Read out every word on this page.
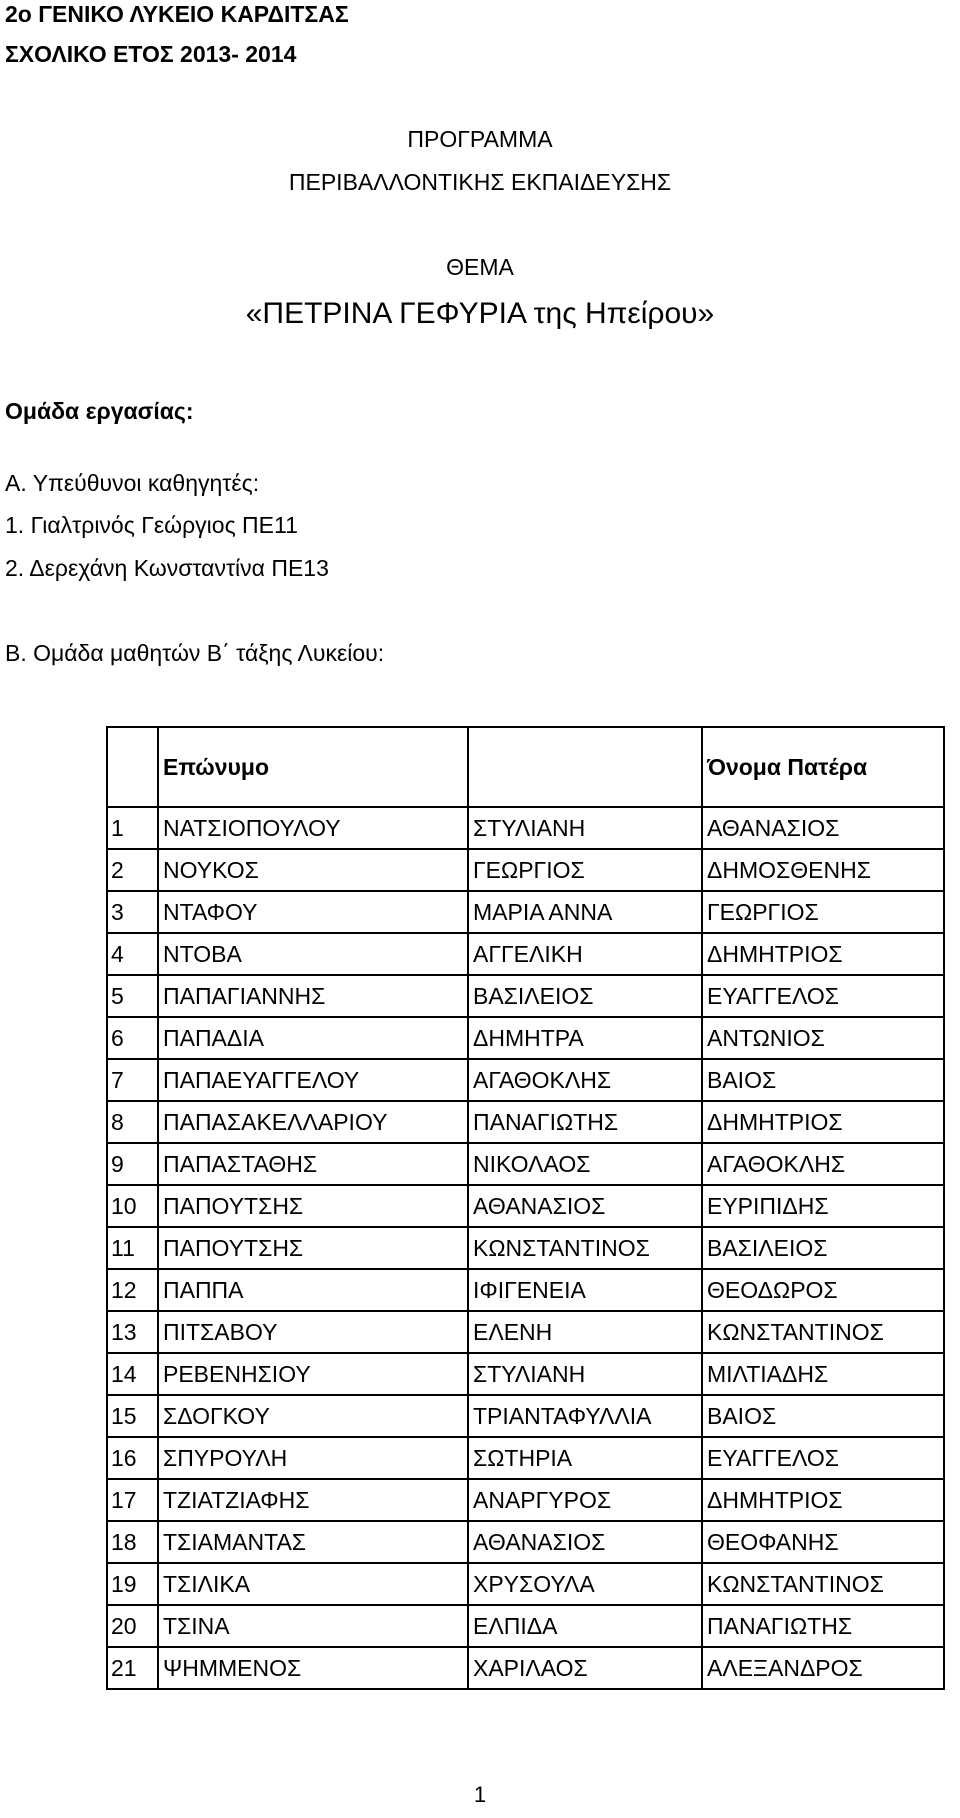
2ο ΓΕΝΙΚΟ ΛΥΚΕΙΟ ΚΑΡΔΙΤΣΑΣ
ΣΧΟΛΙΚΟ ΕΤΟΣ 2013- 2014
ΠΡΟΓΡΑΜΜΑ
ΠΕΡΙΒΑΛΛΟΝΤΙΚΗΣ ΕΚΠΑΙΔΕΥΣΗΣ
ΘΕΜΑ
«ΠΕΤΡΙΝΑ ΓΕΦΥΡΙΑ της Ηπείρου»
Ομάδα εργασίας:
Α. Υπεύθυνοι καθηγητές:
1. Γιαλτρινός Γεώργιος ΠΕ11
2. Δερεχάνη Κωνσταντίνα ΠΕ13
Β. Ομάδα μαθητών Β΄ τάξης Λυκείου:
	Επώνυμο		Όνομα Πατέρα
1	ΝΑΤΣΙΟΠΟΥΛΟΥ	ΣΤΥΛΙΑΝΗ	ΑΘΑΝΑΣΙΟΣ
2	ΝΟΥΚΟΣ	ΓΕΩΡΓΙΟΣ	ΔΗΜΟΣΘΕΝΗΣ
3	ΝΤΑΦΟΥ	ΜΑΡΙΑ ΑΝΝΑ	ΓΕΩΡΓΙΟΣ
4	ΝΤΟΒΑ	ΑΓΓΕΛΙΚΗ	ΔΗΜΗΤΡΙΟΣ
5	ΠΑΠΑΓΙΑΝΝΗΣ	ΒΑΣΙΛΕΙΟΣ	ΕΥΑΓΓΕΛΟΣ
6	ΠΑΠΑΔΙΑ	ΔΗΜΗΤΡΑ	ΑΝΤΩΝΙΟΣ
7	ΠΑΠΑΕΥΑΓΓΕΛΟΥ	ΑΓΑΘΟΚΛΗΣ	ΒΑΙΟΣ
8	ΠΑΠΑΣΑΚΕΛΛΑΡΙΟΥ	ΠΑΝΑΓΙΩΤΗΣ	ΔΗΜΗΤΡΙΟΣ
9	ΠΑΠΑΣΤΑΘΗΣ	ΝΙΚΟΛΑΟΣ	ΑΓΑΘΟΚΛΗΣ
10	ΠΑΠΟΥΤΣΗΣ	ΑΘΑΝΑΣΙΟΣ	ΕΥΡΙΠΙΔΗΣ
11	ΠΑΠΟΥΤΣΗΣ	ΚΩΝΣΤΑΝΤΙΝΟΣ	ΒΑΣΙΛΕΙΟΣ
12	ΠΑΠΠΑ	ΙΦΙΓΕΝΕΙΑ	ΘΕΟΔΩΡΟΣ
13	ΠΙΤΣΑΒΟΥ	ΕΛΕΝΗ	ΚΩΝΣΤΑΝΤΙΝΟΣ
14	ΡΕΒΕΝΗΣΙΟΥ	ΣΤΥΛΙΑΝΗ	ΜΙΛΤΙΑΔΗΣ
15	ΣΔΟΓΚΟΥ	ΤΡΙΑΝΤΑΦΥΛΛΙΑ	ΒΑΙΟΣ
16	ΣΠΥΡΟΥΛΗ	ΣΩΤΗΡΙΑ	ΕΥΑΓΓΕΛΟΣ
17	ΤΖΙΑΤΖΙΑΦΗΣ	ΑΝΑΡΓΥΡΟΣ	ΔΗΜΗΤΡΙΟΣ
18	ΤΣΙΑΜΑΝΤΑΣ	ΑΘΑΝΑΣΙΟΣ	ΘΕΟΦΑΝΗΣ
19	ΤΣΙΛΙΚΑ	ΧΡΥΣΟΥΛΑ	ΚΩΝΣΤΑΝΤΙΝΟΣ
20	ΤΣΙΝΑ	ΕΛΠΙΔΑ	ΠΑΝΑΓΙΩΤΗΣ
21	ΨΗΜΜΕΝΟΣ	ΧΑΡΙΛΑΟΣ	ΑΛΕΞΑΝΔΡΟΣ
1
